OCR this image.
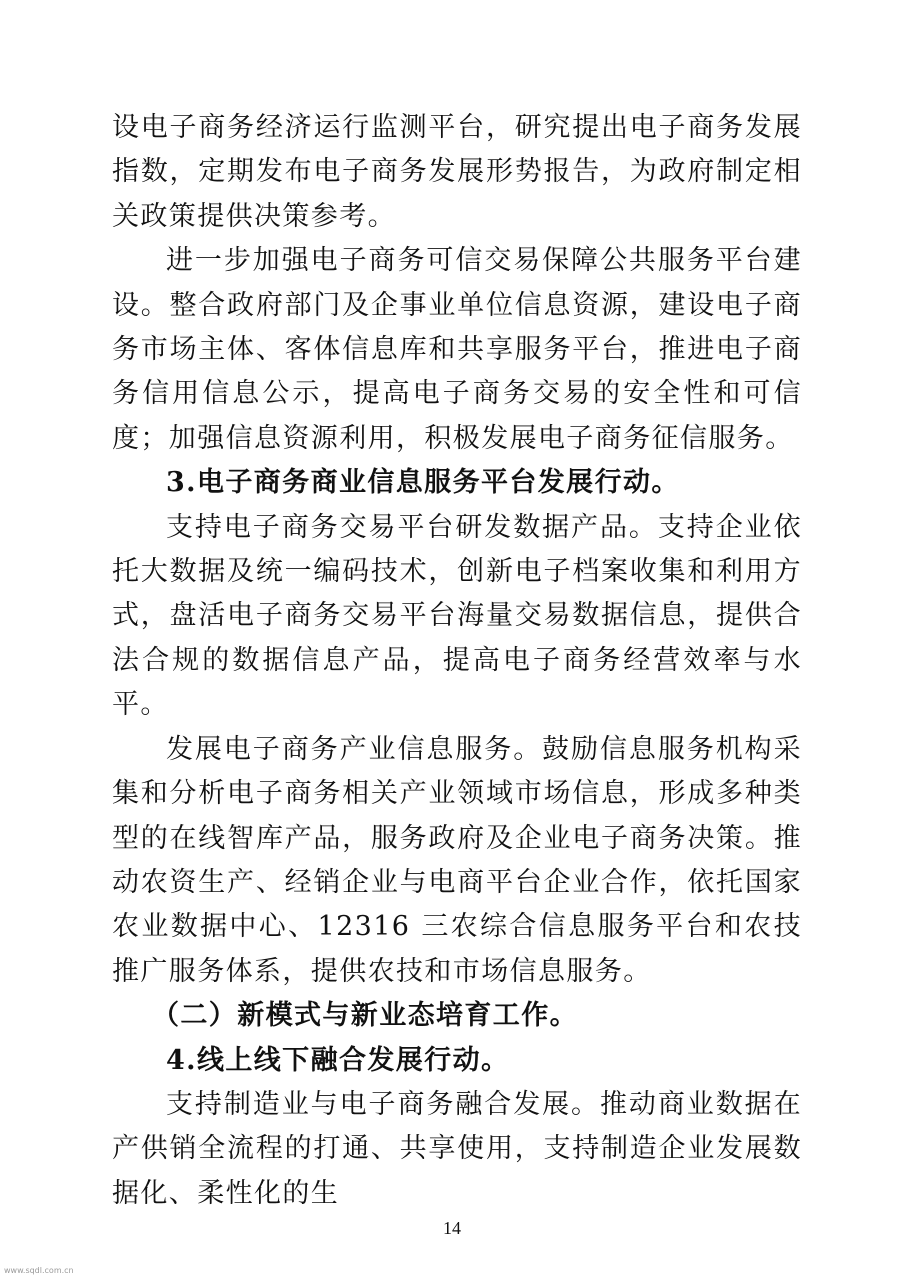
设电子商务经济运行监测平台，研究提出电子商务发展指数，定期发布电子商务发展形势报告，为政府制定相关政策提供决策参考。

进一步加强电子商务可信交易保障公共服务平台建设。整合政府部门及企事业单位信息资源，建设电子商务市场主体、客体信息库和共享服务平台，推进电子商务信用信息公示，提高电子商务交易的安全性和可信度；加强信息资源利用，积极发展电子商务征信服务。

3.电子商务商业信息服务平台发展行动。

支持电子商务交易平台研发数据产品。支持企业依托大数据及统一编码技术，创新电子档案收集和利用方式，盘活电子商务交易平台海量交易数据信息，提供合法合规的数据信息产品，提高电子商务经营效率与水平。

发展电子商务产业信息服务。鼓励信息服务机构采集和分析电子商务相关产业领域市场信息，形成多种类型的在线智库产品，服务政府及企业电子商务决策。推动农资生产、经销企业与电商平台企业合作，依托国家农业数据中心、12316 三农综合信息服务平台和农技推广服务体系，提供农技和市场信息服务。

（二）新模式与新业态培育工作。

4.线上线下融合发展行动。

支持制造业与电子商务融合发展。推动商业数据在产供销全流程的打通、共享使用，支持制造企业发展数据化、柔性化的生

14
www.sqdl.com.cn
